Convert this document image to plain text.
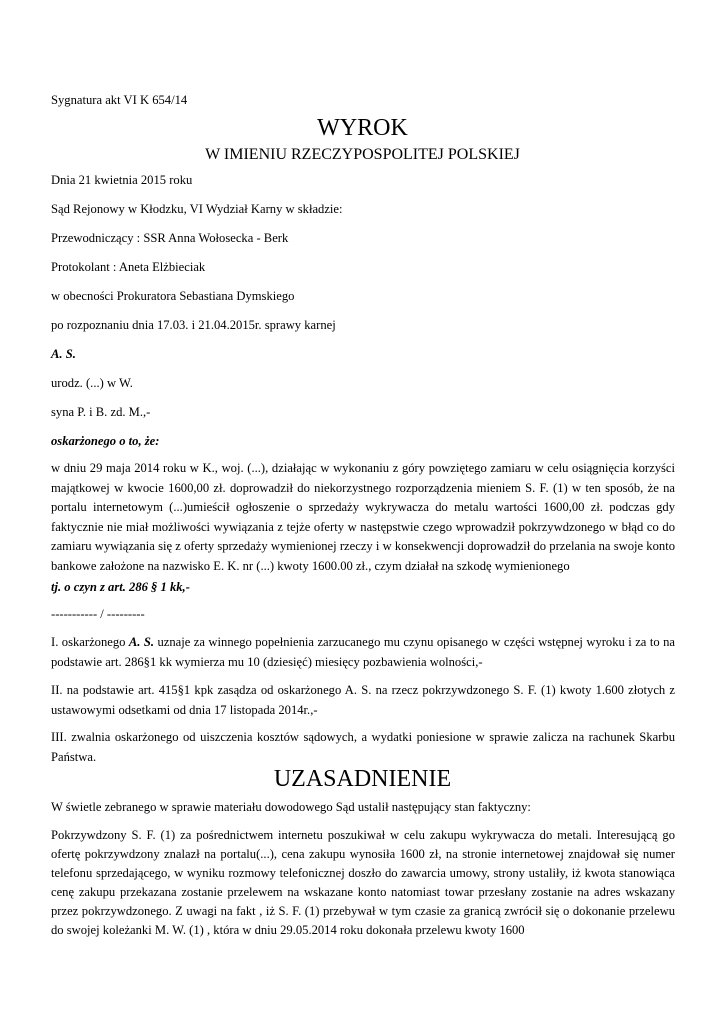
Sygnatura akt VI K 654/14
WYROK
W IMIENIU RZECZYPOSPOLITEJ POLSKIEJ
Dnia 21 kwietnia 2015 roku
Sąd Rejonowy w Kłodzku, VI Wydział Karny w składzie:
Przewodniczący : SSR Anna Wołosecka - Berk
Protokolant : Aneta Elżbieciak
w obecności Prokuratora Sebastiana Dymskiego
po rozpoznaniu dnia 17.03. i 21.04.2015r. sprawy karnej
A. S.
urodz. (...) w W.
syna P. i B. zd. M.,-
oskarżonego o to, że:
w dniu 29 maja 2014 roku w K., woj. (...), działając w wykonaniu z góry powziętego zamiaru w celu osiągnięcia korzyści majątkowej w kwocie 1600,00 zł. doprowadził do niekorzystnego rozporządzenia mieniem S. F. (1) w ten sposób, że na portalu internetowym (...)umieścił ogłoszenie o sprzedaży wykrywacza do metalu wartości 1600,00 zł. podczas gdy faktycznie nie miał możliwości wywiązania z tejże oferty w następstwie czego wprowadził pokrzywdzonego w błąd co do zamiaru wywiązania się z oferty sprzedaży wymienionej rzeczy i w konsekwencji doprowadził do przelania na swoje konto bankowe założone na nazwisko E. K. nr (...) kwoty 1600.00 zł., czym działał na szkodę wymienionego
tj. o czyn z art. 286 § 1 kk,-
----------- / ---------
I. oskarżonego A. S. uznaje za winnego popełnienia zarzucanego mu czynu opisanego w części wstępnej wyroku i za to na podstawie art. 286§1 kk wymierza mu 10 (dziesięć) miesięcy pozbawienia wolności,-
II. na podstawie art. 415§1 kpk zasądza od oskarżonego A. S. na rzecz pokrzywdzonego S. F. (1) kwoty 1.600 złotych z ustawowymi odsetkami od dnia 17 listopada 2014r.,-
III. zwalnia oskarżonego od uiszczenia kosztów sądowych, a wydatki poniesione w sprawie zalicza na rachunek Skarbu Państwa.
UZASADNIENIE
W świetle zebranego w sprawie materiału dowodowego Sąd ustalił następujący stan faktyczny:
Pokrzywdzony S. F. (1) za pośrednictwem internetu poszukiwał w celu zakupu wykrywacza do metali. Interesującą go ofertę pokrzywdzony znalazł na portalu(...), cena zakupu wynosiła 1600 zł, na stronie internetowej znajdował się numer telefonu sprzedającego, w wyniku rozmowy telefonicznej doszło do zawarcia umowy, strony ustaliły, iż kwota stanowiąca cenę zakupu przekazana zostanie przelewem na wskazane konto natomiast towar przesłany zostanie na adres wskazany przez pokrzywdzonego. Z uwagi na fakt , iż S. F. (1) przebywał w tym czasie za granicą zwrócił się o dokonanie przelewu do swojej koleżanki M. W. (1) , która w dniu 29.05.2014 roku dokonała przelewu kwoty 1600
